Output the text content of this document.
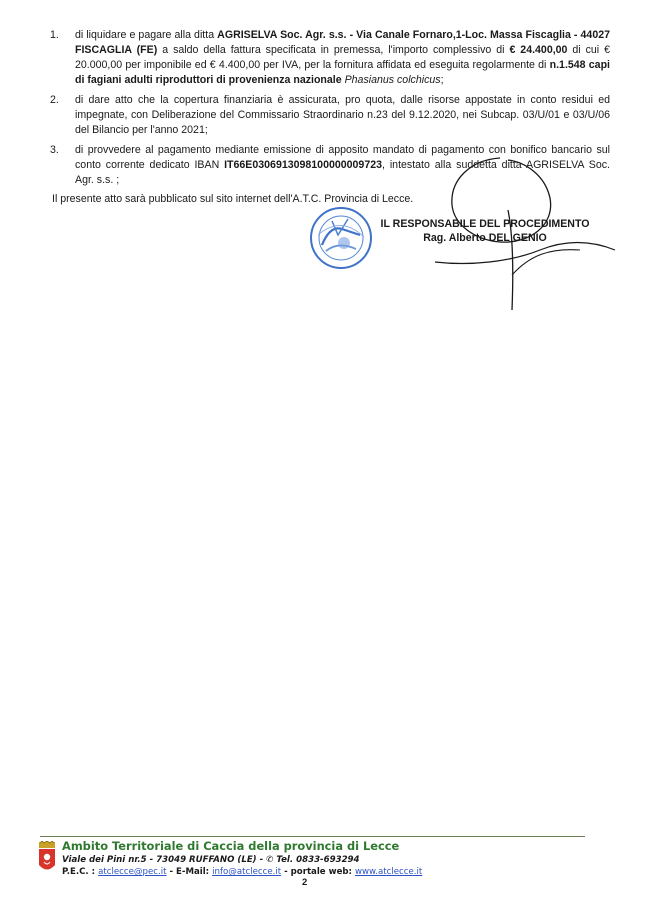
1.	di liquidare e pagare alla ditta AGRISELVA Soc. Agr. s.s. - Via Canale Fornaro,1-Loc. Massa Fiscaglia - 44027 FISCAGLIA (FE) a saldo della fattura specificata in premessa, l'importo complessivo di € 24.400,00 di cui € 20.000,00 per imponibile ed € 4.400,00 per IVA, per la fornitura affidata ed eseguita regolarmente di n.1.548 capi di fagiani adulti riproduttori di provenienza nazionale Phasianus colchicus;
2.	di dare atto che la copertura finanziaria è assicurata, pro quota, dalle risorse appostate in conto residui ed impegnate, con Deliberazione del Commissario Straordinario n.23 del 9.12.2020, nei Subcap. 03/U/01 e 03/U/06 del Bilancio per l'anno 2021;
3.	di provvedere al pagamento mediante emissione di apposito mandato di pagamento con bonifico bancario sul conto corrente dedicato IBAN IT66E0306913098100000009723, intestato alla suddetta ditta AGRISELVA Soc. Agr. s.s. ;
Il presente atto sarà pubblicato sul sito internet dell'A.T.C. Provincia di Lecce.
IL RESPONSABILE DEL PROCEDIMENTO
Rag. Alberto DEL GENIO
Ambito Territoriale di Caccia della provincia di Lecce
Viale dei Pini nr.5 - 73049 RUFFANO (LE) - ✆ Tel. 0833-693294
P.E.C. : atclecce@pec.it - E-Mail: info@atclecce.it - portale web: www.atclecce.it
2
